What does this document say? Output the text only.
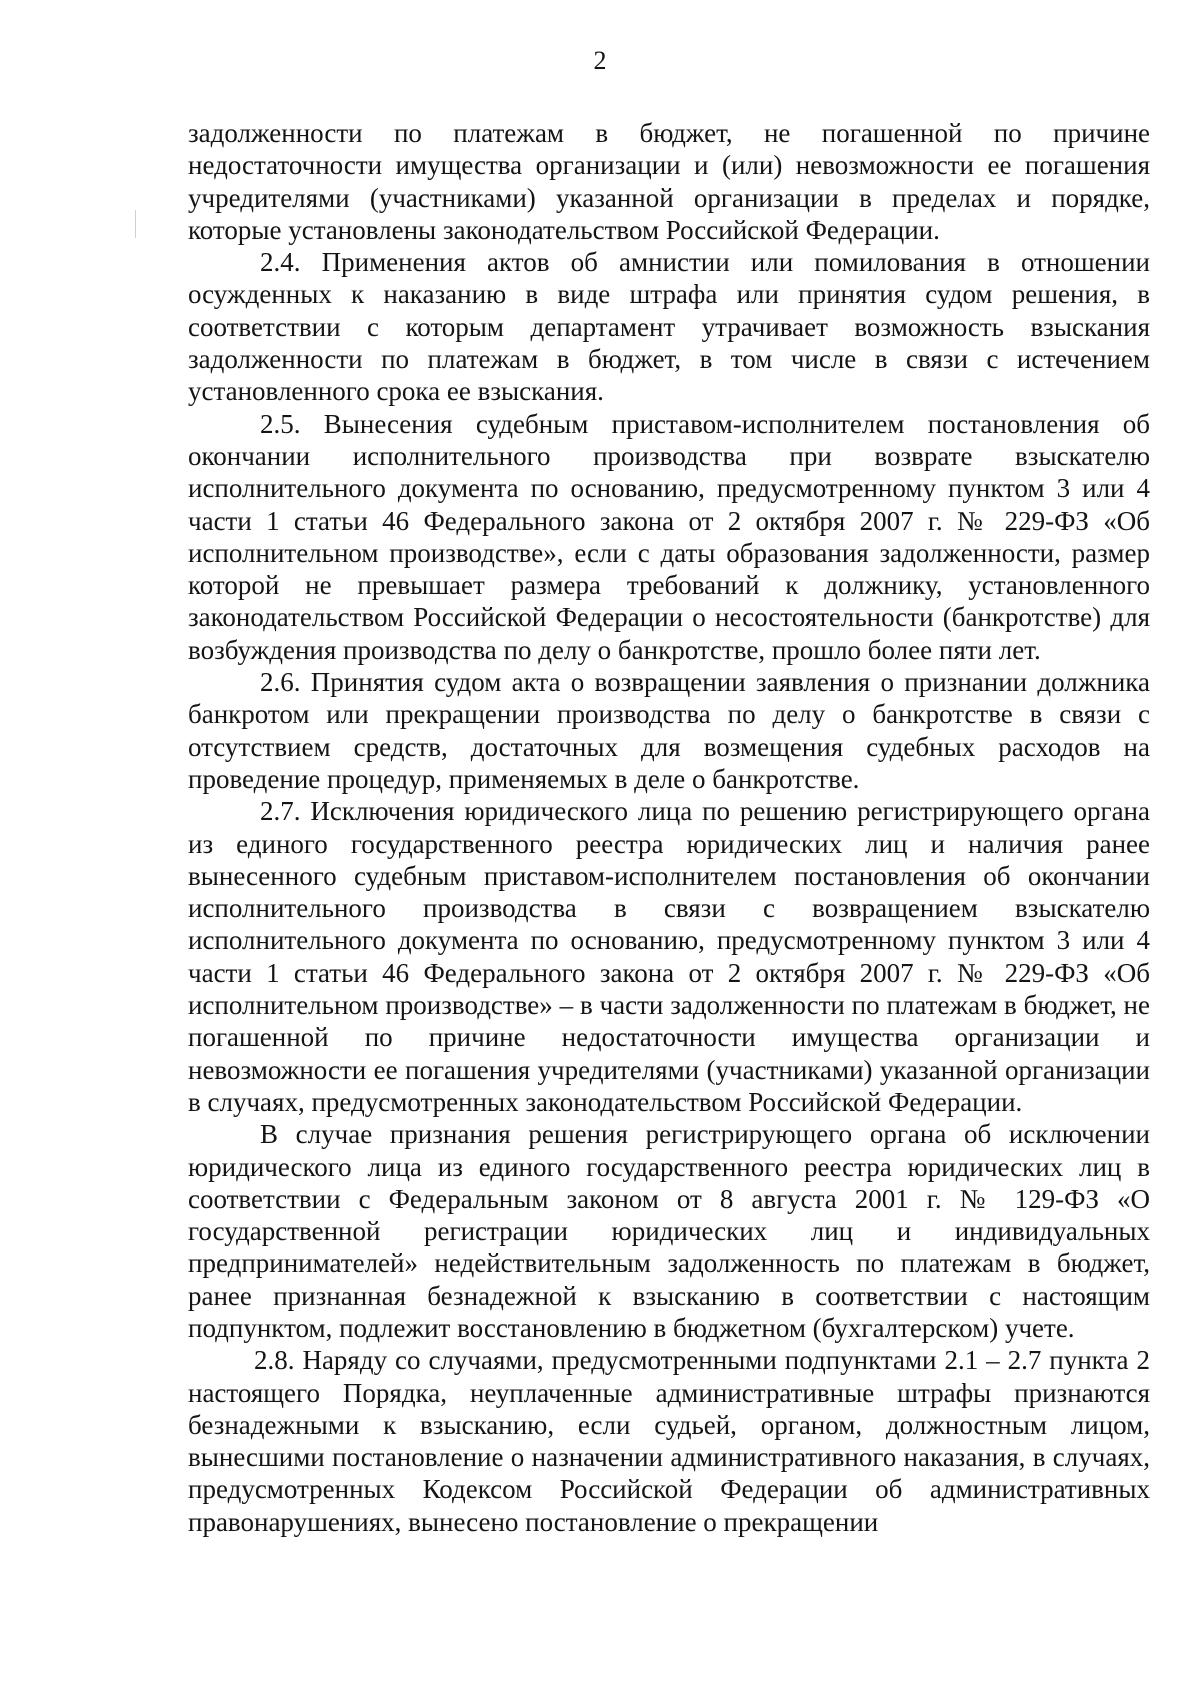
2

задолженности по платежам в бюджет, не погашенной по причине недостаточности имущества организации и (или) невозможности ее погашения учредителями (участниками) указанной организации в пределах и порядке, которые установлены законодательством Российской Федерации.

2.4. Применения актов об амнистии или помилования в отношении осужденных к наказанию в виде штрафа или принятия судом решения, в соответствии с которым департамент утрачивает возможность взыскания задолженности по платежам в бюджет, в том числе в связи с истечением установленного срока ее взыскания.

2.5. Вынесения судебным приставом-исполнителем постановления об окончании исполнительного производства при возврате взыскателю исполнительного документа по основанию, предусмотренному пунктом 3 или 4 части 1 статьи 46 Федерального закона от 2 октября 2007 г. № 229-ФЗ «Об исполнительном производстве», если с даты образования задолженности, размер которой не превышает размера требований к должнику, установленного законодательством Российской Федерации о несостоятельности (банкротстве) для возбуждения производства по делу о банкротстве, прошло более пяти лет.

2.6. Принятия судом акта о возвращении заявления о признании должника банкротом или прекращении производства по делу о банкротстве в связи с отсутствием средств, достаточных для возмещения судебных расходов на проведение процедур, применяемых в деле о банкротстве.

2.7. Исключения юридического лица по решению регистрирующего органа из единого государственного реестра юридических лиц и наличия ранее вынесенного судебным приставом-исполнителем постановления об окончании исполнительного производства в связи с возвращением взыскателю исполнительного документа по основанию, предусмотренному пунктом 3 или 4 части 1 статьи 46 Федерального закона от 2 октября 2007 г. № 229-ФЗ «Об исполнительном производстве» – в части задолженности по платежам в бюджет, не погашенной по причине недостаточности имущества организации и невозможности ее погашения учредителями (участниками) указанной организации в случаях, предусмотренных законодательством Российской Федерации.

В случае признания решения регистрирующего органа об исключении юридического лица из единого государственного реестра юридических лиц в соответствии с Федеральным законом от 8 августа 2001 г. № 129-ФЗ «О государственной регистрации юридических лиц и индивидуальных предпринимателей» недействительным задолженность по платежам в бюджет, ранее признанная безнадежной к взысканию в соответствии с настоящим подпунктом, подлежит восстановлению в бюджетном (бухгалтерском) учете.

2.8. Наряду со случаями, предусмотренными подпунктами 2.1 – 2.7 пункта 2 настоящего Порядка, неуплаченные административные штрафы признаются безнадежными к взысканию, если судьей, органом, должностным лицом, вынесшими постановление о назначении административного наказания, в случаях, предусмотренных Кодексом Российской Федерации об административных правонарушениях, вынесено постановление о прекращении
